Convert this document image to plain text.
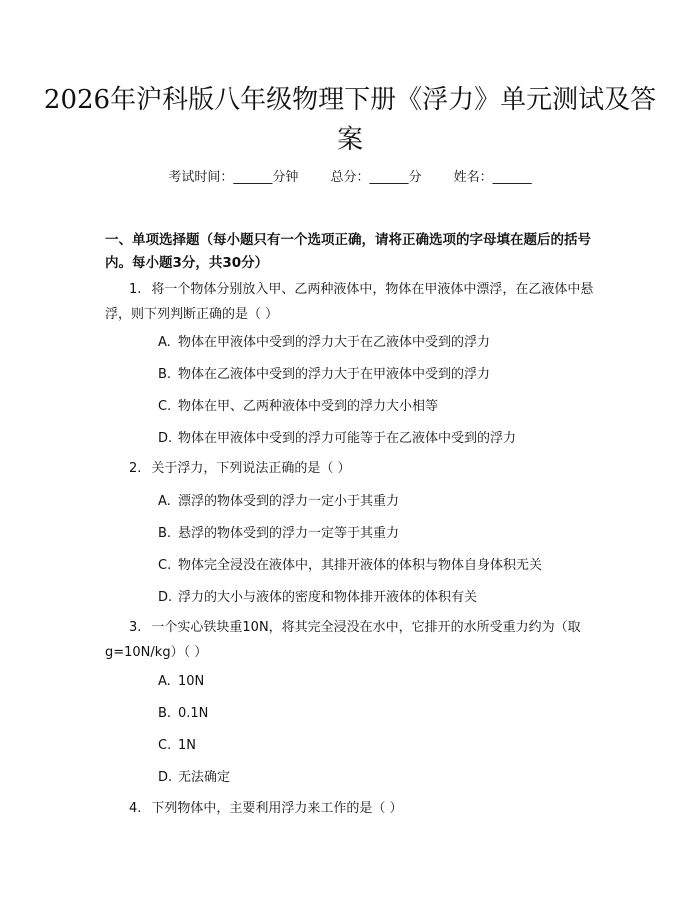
2026年沪科版八年级物理下册《浮力》单元测试及答案
考试时间：______分钟 总分：______分 姓名：______
一、单项选择题（每小题只有一个选项正确，请将正确选项的字母填在题后的括号内。每小题3分，共30分）
1. 将一个物体分别放入甲、乙两种液体中，物体在甲液体中漂浮，在乙液体中悬浮，则下列判断正确的是（ ）
A. 物体在甲液体中受到的浮力大于在乙液体中受到的浮力
B. 物体在乙液体中受到的浮力大于在甲液体中受到的浮力
C. 物体在甲、乙两种液体中受到的浮力大小相等
D. 物体在甲液体中受到的浮力可能等于在乙液体中受到的浮力
2. 关于浮力，下列说法正确的是（ ）
A. 漂浮的物体受到的浮力一定小于其重力
B. 悬浮的物体受到的浮力一定等于其重力
C. 物体完全浸没在液体中，其排开液体的体积与物体自身体积无关
D. 浮力的大小与液体的密度和物体排开液体的体积有关
3. 一个实心铁块重10N，将其完全浸没在水中，它排开的水所受重力约为（取g=10N/kg）（ ）
A. 10N
B. 0.1N
C. 1N
D. 无法确定
4. 下列物体中，主要利用浮力来工作的是（ ）
